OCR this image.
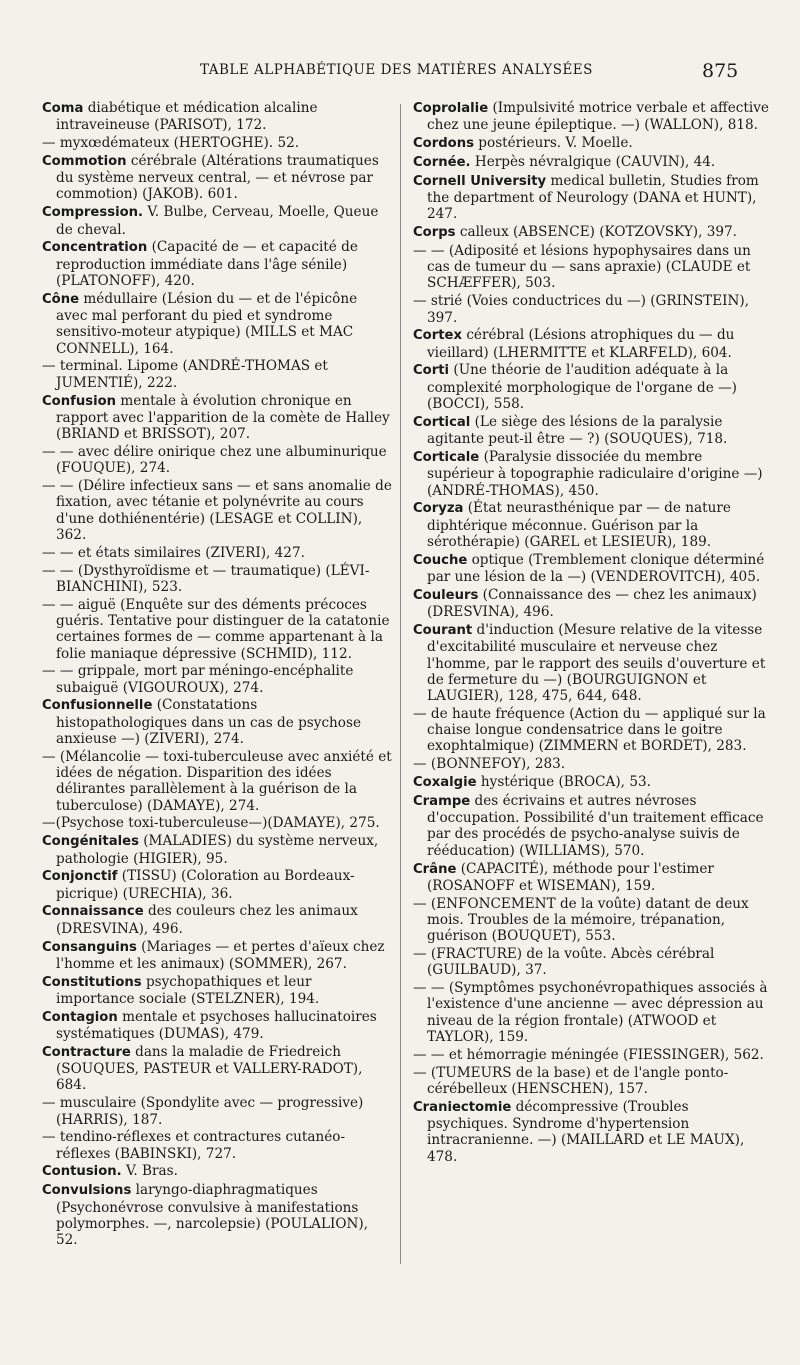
TABLE ALPHABÉTIQUE DES MATIÈRES ANALYSÉES	875
Coma diabétique et médication alcaline intraveineuse (PARISOT), 172.
— myxœdémateux (HERTOGHE). 52.
Commotion cérébrale (Altérations traumatiques du système nerveux central, — et névrose par commotion) (JAKOB). 601.
Compression. V. Bulbe, Cerveau, Moelle, Queue de cheval.
Concentration (Capacité de — et capacité de reproduction immédiate dans l'âge sénile) (PLATONOFF), 420.
Cône médullaire (Lésion du — et de l'épicône avec mal perforant du pied et syndrome sensitivo-moteur atypique) (MILLS et MAC CONNELL), 164.
— terminal. Lipome (ANDRÉ-THOMAS et JUMENTIÉ), 222.
Confusion mentale à évolution chronique en rapport avec l'apparition de la comète de Halley (BRIAND et BRISSOT), 207.
— — avec délire onirique chez une albuminurique (FOUQUE), 274.
— — (Délire infectieux sans — et sans anomalie de fixation, avec tétanie et polynévrite au cours d'une dothiénentérie) (LESAGE et COLLIN), 362.
— — et états similaires (ZIVERI), 427.
— — (Dysthyroïdisme et — traumatique) (LÉVI-BIANCHINI), 523.
— — aiguë (Enquête sur des déments précoces guéris. Tentative pour distinguer de la catatonie certaines formes de — comme appartenant à la folie maniaque dépressive (SCHMID), 112.
— — grippale, mort par méningo-encéphalite subaiguë (VIGOUROUX), 274.
Confusionnelle (Constatations histopathologiques dans un cas de psychose anxieuse —) (ZIVERI), 274.
— (Mélancolie — toxi-tuberculeuse avec anxiété et idées de négation. Disparition des idées délirantes parallèlement à la guérison de la tuberculose) (DAMAYE), 274.
—(Psychose toxi-tuberculeuse—)(DAMAYE), 275.
Congénitales (MALADIES) du système nerveux, pathologie (HIGIER), 95.
Conjonctif (TISSU) (Coloration au Bordeaux-picrique) (URECHIA), 36.
Connaissance des couleurs chez les animaux (DRESVINA), 496.
Consanguins (Mariages — et pertes d'aïeux chez l'homme et les animaux) (SOMMER), 267.
Constitutions psychopathiques et leur importance sociale (STELZNER), 194.
Contagion mentale et psychoses hallucinatoires systématiques (DUMAS), 479.
Contracture dans la maladie de Friedreich (SOUQUES, PASTEUR et VALLERY-RADOT), 684.
— musculaire (Spondylite avec — progressive) (HARRIS), 187.
— tendino-réflexes et contractures cutanéo-réflexes (BABINSKI), 727.
Contusion. V. Bras.
Convulsions laryngo-diaphragmatiques (Psychonévrose convulsive à manifestations polymorphes. —, narcolepsie) (POULALION), 52.
Coprolalie (Impulsivité motrice verbale et affective chez une jeune épileptique. —) (WALLON), 818.
Cordons postérieurs. V. Moelle.
Cornée. Herpès névralgique (CAUVIN), 44.
Cornell University medical bulletin, Studies from the department of Neurology (DANA et HUNT), 247.
Corps calleux (ABSENCE) (KOTZOVSKY), 397.
— — (Adiposité et lésions hypophysaires dans un cas de tumeur du — sans apraxie) (CLAUDE et SCHÆFFER), 503.
— strié (Voies conductrices du —) (GRINSTEIN), 397.
Cortex cérébral (Lésions atrophiques du — du vieillard) (LHERMITTE et KLARFELD), 604.
Corti (Une théorie de l'audition adéquate à la complexité morphologique de l'organe de —) (BOCCI), 558.
Cortical (Le siège des lésions de la paralysie agitante peut-il être — ?) (SOUQUES), 718.
Corticale (Paralysie dissociée du membre supérieur à topographie radiculaire d'origine —) (ANDRÉ-THOMAS), 450.
Coryza (État neurasthénique par — de nature diphtérique méconnue. Guérison par la sérothérapie) (GAREL et LESIEUR), 189.
Couche optique (Tremblement clonique déterminé par une lésion de la —) (VENDEROVITCH), 405.
Couleurs (Connaissance des — chez les animaux) (DRESVINA), 496.
Courant d'induction (Mesure relative de la vitesse d'excitabilité musculaire et nerveuse chez l'homme, par le rapport des seuils d'ouverture et de fermeture du —) (BOURGUIGNON et LAUGIER), 128, 475, 644, 648.
— de haute fréquence (Action du — appliqué sur la chaise longue condensatrice dans le goitre exophtalmique) (ZIMMERN et BORDET), 283.
— (BONNEFOY), 283.
Coxalgie hystérique (BROCA), 53.
Crampe des écrivains et autres névroses d'occupation. Possibilité d'un traitement efficace par des procédés de psycho-analyse suivis de rééducation) (WILLIAMS), 570.
Crâne (CAPACITÉ), méthode pour l'estimer (ROSANOFF et WISEMAN), 159.
— (ENFONCEMENT de la voûte) datant de deux mois. Troubles de la mémoire, trépanation, guérison (BOUQUET), 553.
— (FRACTURE) de la voûte. Abcès cérébral (GUILBAUD), 37.
— — (Symptômes psychonévropathiques associés à l'existence d'une ancienne — avec dépression au niveau de la région frontale) (ATWOOD et TAYLOR), 159.
— — et hémorragie méningée (FIESSINGER), 562.
— (TUMEURS de la base) et de l'angle ponto-cérébelleux (HENSCHEN), 157.
Craniectomie décompressive (Troubles psychiques. Syndrome d'hypertension intracranienne. —) (MAILLARD et LE MAUX), 478.
